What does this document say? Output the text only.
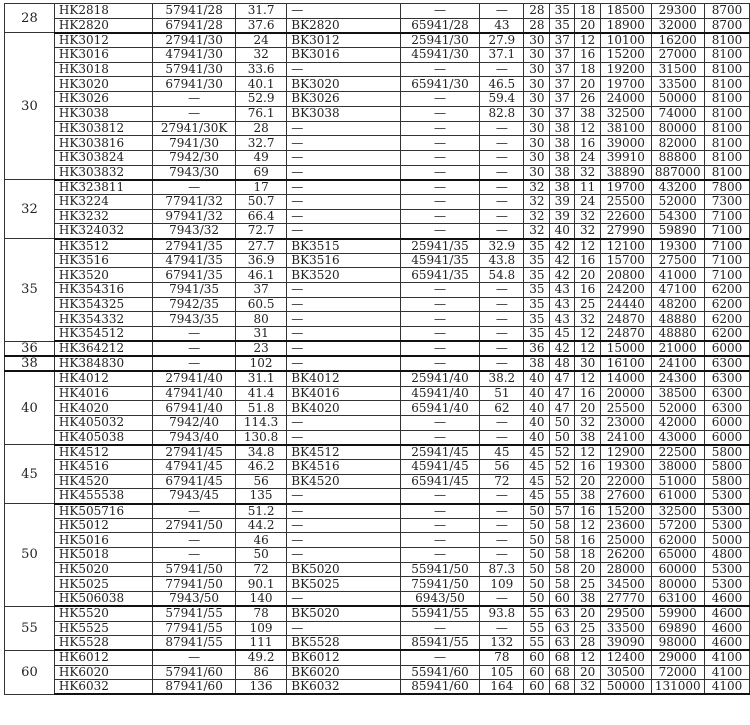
28	HK2818	57941/28	31.7	—	—	—	28	35	18	18500	29300	8700
	HK2820	67941/28	37.6	BK2820	65941/28	43	28	35	20	18900	32000	8700
30	HK3012	27941/30	24	BK3012	25941/30	27.9	30	37	12	10100	16200	8100
	HK3016	47941/30	32	BK3016	45941/30	37.1	30	37	16	15200	27000	8100
	HK3018	57941/30	33.6	—	—	—	30	37	18	19200	31500	8100
	HK3020	67941/30	40.1	BK3020	65941/30	46.5	30	37	20	19700	33500	8100
	HK3026	—	52.9	BK3026	—	59.4	30	37	26	24000	50000	8100
	HK3038	—	76.1	BK3038	—	82.8	30	37	38	32500	74000	8100
	HK303812	27941/30K	28	—	—	—	30	38	12	38100	80000	8100
	HK303816	7941/30	32.7	—	—	—	30	38	16	39000	82000	8100
	HK303824	7942/30	49	—	—	—	30	38	24	39910	88800	8100
	HK303832	7943/30	69	—	—	—	30	38	32	38890	887000	8100
32	HK323811	—	17	—	—	—	32	38	11	19700	43200	7800
	HK3224	77941/32	50.7	—	—	—	32	39	24	25500	52000	7300
	HK3232	97941/32	66.4	—	—	—	32	39	32	22600	54300	7100
	HK324032	7943/32	72.7	—	—	—	32	40	32	27990	59890	7100
35	HK3512	27941/35	27.7	BK3515	25941/35	32.9	35	42	12	12100	19300	7100
	HK3516	47941/35	36.9	BK3516	45941/35	43.8	35	42	16	15700	27500	7100
	HK3520	67941/35	46.1	BK3520	65941/35	54.8	35	42	20	20800	41000	7100
	HK354316	7941/35	37	—	—	—	35	43	16	24200	47100	6200
	HK354325	7942/35	60.5	—	—	—	35	43	25	24440	48200	6200
	HK354332	7943/35	80	—	—	—	35	43	32	24870	48880	6200
	HK354512	—	31	—	—	—	35	45	12	24870	48880	6200
36	HK364212	—	23	—	—	—	36	42	12	15000	21000	6000
38	HK384830	—	102	—	—	—	38	48	30	16100	24100	6300
40	HK4012	27941/40	31.1	BK4012	25941/40	38.2	40	47	12	14000	24300	6300
	HK4016	47941/40	41.4	BK4016	45941/40	51	40	47	16	20000	38500	6300
	HK4020	67941/40	51.8	BK4020	65941/40	62	40	47	20	25500	52000	6300
	HK405032	7942/40	114.3	—	—	—	40	50	32	23000	42000	6000
	HK405038	7943/40	130.8	—	—	—	40	50	38	24100	43000	6000
45	HK4512	27941/45	34.8	BK4512	25941/45	45	45	52	12	12900	22500	5800
	HK4516	47941/45	46.2	BK4516	45941/45	56	45	52	16	19300	38000	5800
	HK4520	67941/45	56	BK4520	65941/45	72	45	52	20	22000	51000	5800
	HK455538	7943/45	135	—	—	—	45	55	38	27600	61000	5300
50	HK505716	—	51.2	—	—	—	50	57	16	15200	32500	5300
	HK5012	27941/50	44.2	—	—	—	50	58	12	23600	57200	5300
	HK5016	—	46	—	—	—	50	58	16	25000	62000	5000
	HK5018	—	50	—	—	—	50	58	18	26200	65000	4800
	HK5020	57941/50	72	BK5020	55941/50	87.3	50	58	20	28000	60000	5300
	HK5025	77941/50	90.1	BK5025	75941/50	109	50	58	25	34500	80000	5300
	HK506038	7943/50	140	—	6943/50	—	50	60	38	27770	63100	4600
55	HK5520	57941/55	78	BK5020	55941/55	93.8	55	63	20	29500	59900	4600
	HK5525	77941/55	109	—	—	—	55	63	25	33500	69890	4600
	HK5528	87941/55	111	BK5528	85941/55	132	55	63	28	39090	98000	4600
60	HK6012	—	49.2	BK6012	—	78	60	68	12	12400	29000	4100
	HK6020	57941/60	86	BK6020	55941/60	105	60	68	20	30500	72000	4100
	HK6032	87941/60	136	BK6032	85941/60	164	60	68	32	50000	131000	4100
